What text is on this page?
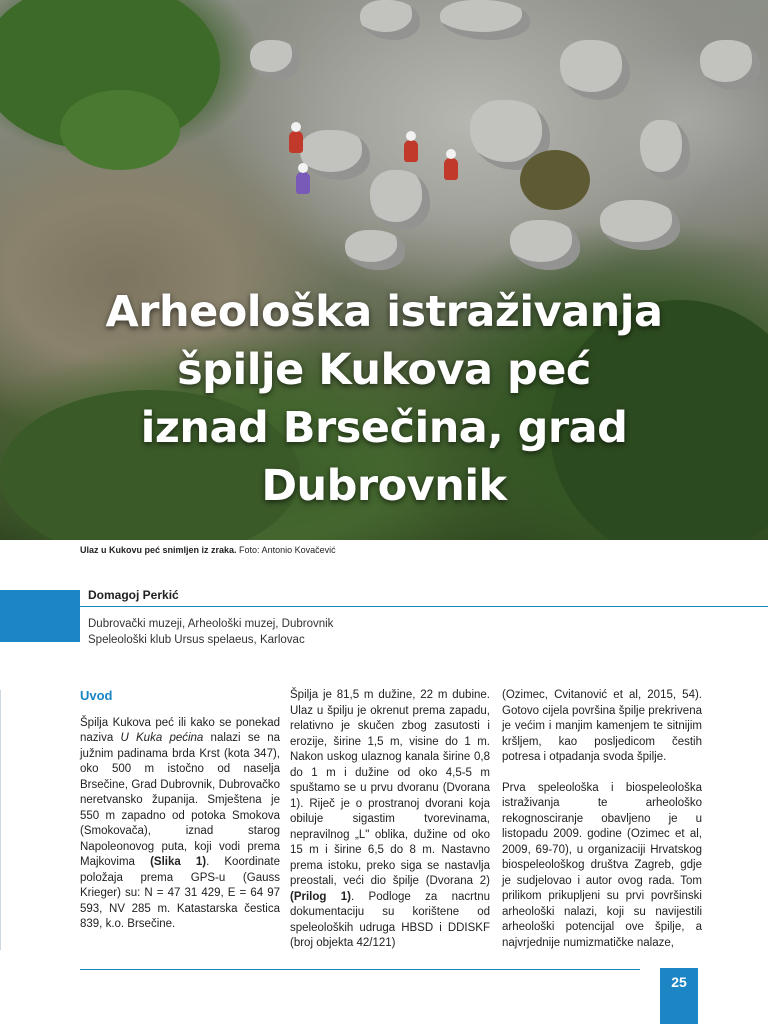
Arheološka istraživanja
špilje Kukova peć
iznad Brsečina, grad
Dubrovnik
Ulaz u Kukovu peć snimljen iz zraka. Foto: Antonio Kovačević
Domagoj Perkić
Dubrovački muzeji, Arheološki muzej, Dubrovnik
Speleološki klub Ursus spelaeus, Karlovac
Uvod

Špilja Kukova peć ili kako se ponekad naziva U Kuka pećina nalazi se na južnim padinama brda Krst (kota 347), oko 500 m istočno od naselja Brsečine, Grad Dubrovnik, Dubrovačko neretvansko županija. Smještena je 550 m zapadno od potoka Smokova (Smokovača), iznad starog Napoleonovog puta, koji vodi prema Majkovima (Slika 1). Koordinate položaja prema GPS-u (Gauss Krieger) su: N = 47 31 429, E = 64 97 593, NV 285 m. Katastarska čestica 839, k.o. Brsečine.

Špilja je 81,5 m dužine, 22 m dubine. Ulaz u špilju je okrenut prema zapadu, relativno je skučen zbog zasutosti i erozije, širine 1,5 m, visine do 1 m. Nakon uskog ulaznog kanala širine 0,8 do 1 m i dužine od oko 4,5-5 m spuštamo se u prvu dvoranu (Dvorana 1). Riječ je o prostranoj dvorani koja obiluje sigastim tvorevinama, nepravilnog „L" oblika, dužine od oko 15 m i širine 6,5 do 8 m. Nastavno prema istoku, preko siga se nastavlja preostali, veći dio špilje (Dvorana 2) (Prilog 1). Podloge za nacrtnu dokumentaciju su korištene od speleoloških udruga HBSD i DDISKF (broj objekta 42/121)

(Ozimec, Cvitanović et al, 2015, 54). Gotovo cijela površina špilje prekrivena je većim i manjim kamenjem te sitnijim kršljem, kao posljedicom čestih potresa i otpadanja svoda špilje.

Prva speleološka i biospeleološka istraživanja te arheološko rekognosciranje obavljeno je u listopadu 2009. godine (Ozimec et al, 2009, 69-70), u organizaciji Hrvatskog biospeleološkog društva Zagreb, gdje je sudjelovao i autor ovog rada. Tom prilikom prikupljeni su prvi površinski arheološki nalazi, koji su navijestili arheološki potencijal ove špilje, a najvrjednije numizmatičke nalaze,

25
